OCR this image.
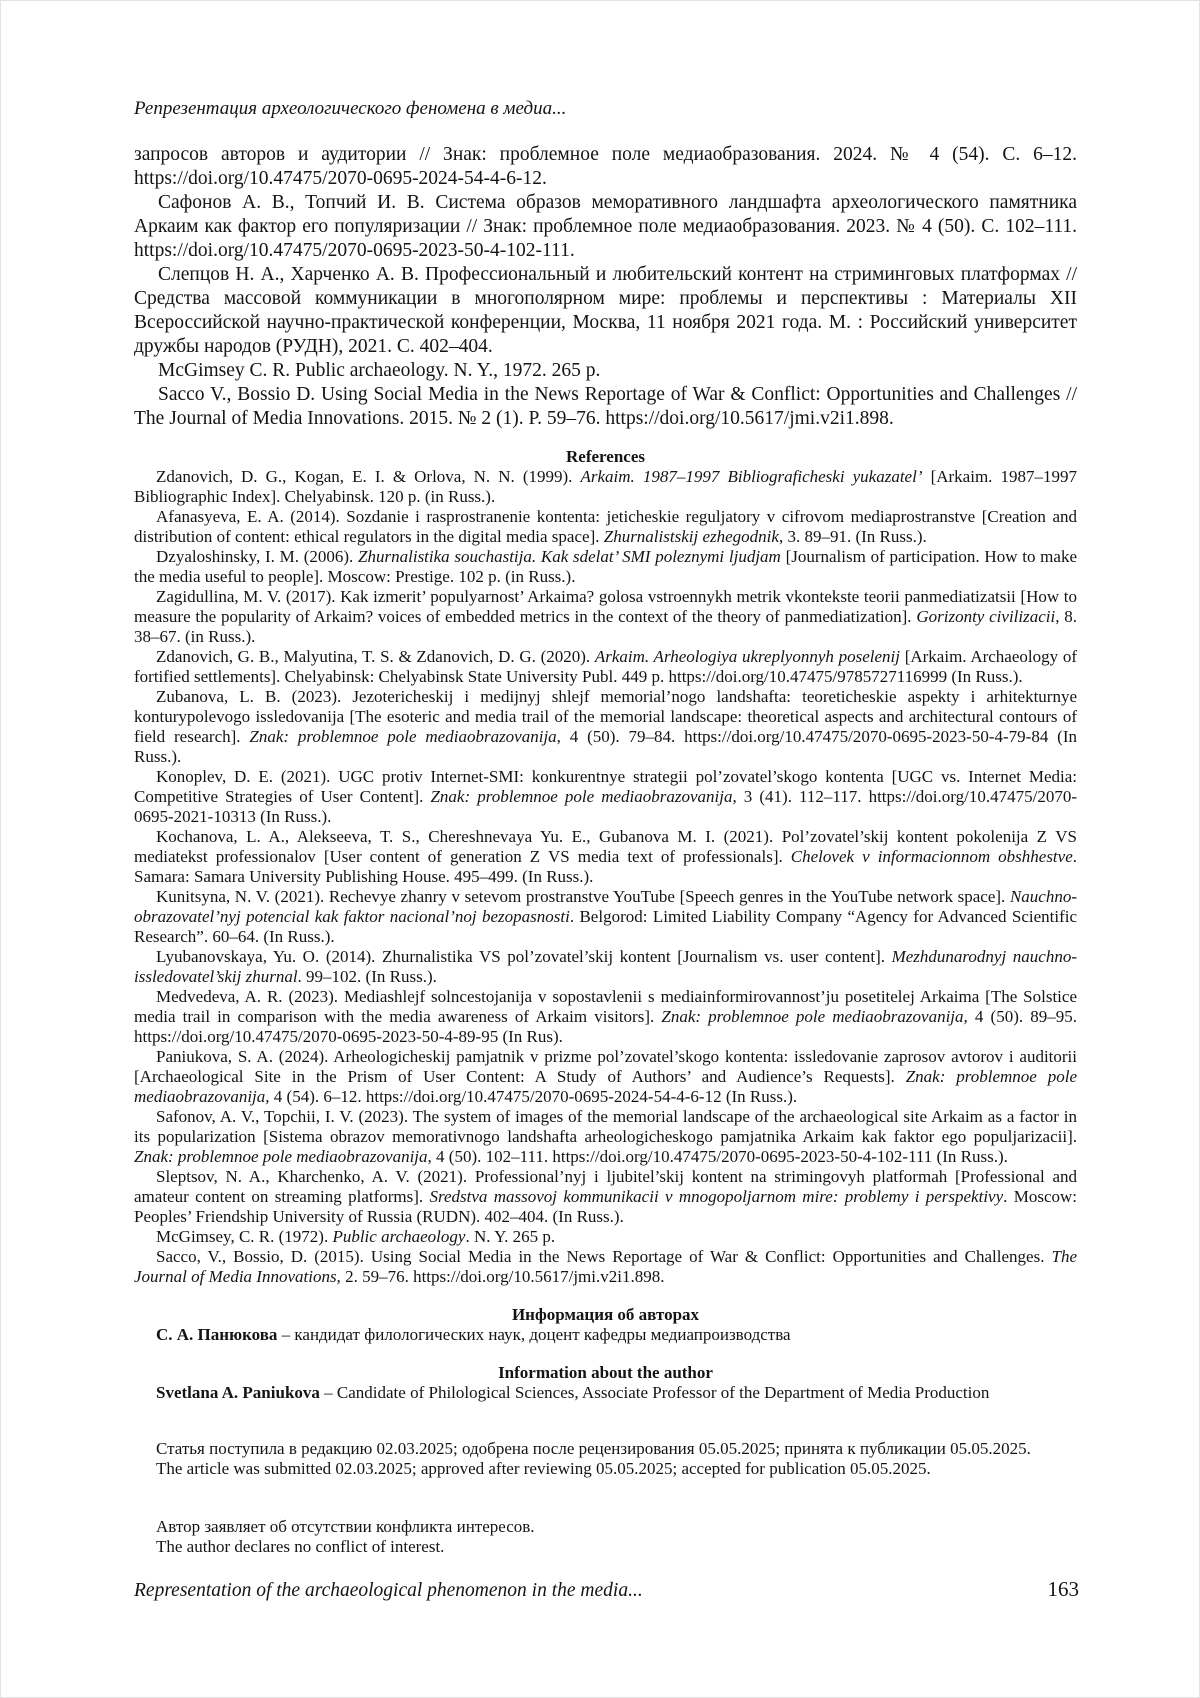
Репрезентация археологического феномена в медиа...

запросов авторов и аудитории // Знак: проблемное поле медиаобразования. 2024. № 4 (54). С. 6–12. https://doi.org/10.47475/2070-0695-2024-54-4-6-12.

Сафонов А. В., Топчий И. В. Система образов меморативного ландшафта археологического памятника Аркаим как фактор его популяризации // Знак: проблемное поле медиаобразования. 2023. № 4 (50). С. 102–111. https://doi.org/10.47475/2070-0695-2023-50-4-102-111.

Слепцов Н. А., Харченко А. В. Профессиональный и любительский контент на стриминговых платформах // Средства массовой коммуникации в многополярном мире: проблемы и перспективы : Материалы XII Всероссийской научно-практической конференции, Москва, 11 ноября 2021 года. М. : Российский университет дружбы народов (РУДН), 2021. С. 402–404.

McGimsey C. R. Public archaeology. N. Y., 1972. 265 p.

Sacco V., Bossio D. Using Social Media in the News Reportage of War & Conflict: Opportunities and Challenges // The Journal of Media Innovations. 2015. № 2 (1). P. 59–76. https://doi.org/10.5617/jmi.v2i1.898.

References

Zdanovich, D. G., Kogan, E. I. & Orlova, N. N. (1999). Arkaim. 1987–1997 Bibliograficheski yukazatel’ [Arkaim. 1987–1997 Bibliographic Index]. Chelyabinsk. 120 p. (in Russ.).

Afanasyeva, E. A. (2014). Sozdanie i rasprostranenie kontenta: jeticheskie reguljatory v cifrovom mediaprostranstve [Creation and distribution of content: ethical regulators in the digital media space]. Zhurnalistskij ezhegodnik, 3. 89–91. (In Russ.).

Dzyaloshinsky, I. M. (2006). Zhurnalistika souchastija. Kak sdelat’ SMI poleznymi ljudjam [Journalism of participation. How to make the media useful to people]. Moscow: Prestige. 102 p. (in Russ.).

Zagidullina, M. V. (2017). Kak izmerit’ populyarnost’ Arkaima? golosa vstroennykh metrik vkontekste teorii panmediatizatsii [How to measure the popularity of Arkaim? voices of embedded metrics in the context of the theory of panmediatization]. Gorizonty civilizacii, 8. 38–67. (in Russ.).

Zdanovich, G. B., Malyutina, T. S. & Zdanovich, D. G. (2020). Arkaim. Arheologiya ukreplyonnyh poselenij [Arkaim. Archaeology of fortified settlements]. Chelyabinsk: Chelyabinsk State University Publ. 449 p. https://doi.org/10.47475/9785727116999 (In Russ.).

Zubanova, L. B. (2023). Jezotericheskij i medijnyj shlejf memorial’nogo landshafta: teoreticheskie aspekty i arhitekturnye konturypolevogo issledovanija [The esoteric and media trail of the memorial landscape: theoretical aspects and architectural contours of field research]. Znak: problemnoe pole mediaobrazovanija, 4 (50). 79–84. https://doi.org/10.47475/2070-0695-2023-50-4-79-84 (In Russ.).

Konoplev, D. E. (2021). UGC protiv Internet-SMI: konkurentnye strategii pol’zovatel’skogo kontenta [UGC vs. Internet Media: Competitive Strategies of User Content]. Znak: problemnoe pole mediaobrazovanija, 3 (41). 112–117. https://doi.org/10.47475/2070-0695-2021-10313 (In Russ.).

Kochanova, L. A., Alekseeva, T. S., Chereshnevaya Yu. E., Gubanova M. I. (2021). Pol’zovatel’skij kontent pokolenija Z VS mediatekst professionalov [User content of generation Z VS media text of professionals]. Chelovek v informacionnom obshhestve. Samara: Samara University Publishing House. 495–499. (In Russ.).

Kunitsyna, N. V. (2021). Rechevye zhanry v setevom prostranstve YouTube [Speech genres in the YouTube network space]. Nauchno-obrazovatel’nyj potencial kak faktor nacional’noj bezopasnosti. Belgorod: Limited Liability Company “Agency for Advanced Scientific Research”. 60–64. (In Russ.).

Lyubanovskaya, Yu. O. (2014). Zhurnalistika VS pol’zovatel’skij kontent [Journalism vs. user content]. Mezhdunarodnyj nauchno-issledovatel’skij zhurnal. 99–102. (In Russ.).

Medvedeva, A. R. (2023). Mediashlejf solncestojanija v sopostavlenii s mediainformirovannost’ju posetitelej Arkaima [The Solstice media trail in comparison with the media awareness of Arkaim visitors]. Znak: problemnoe pole mediaobrazovanija, 4 (50). 89–95. https://doi.org/10.47475/2070-0695-2023-50-4-89-95 (In Rus).

Paniukova, S. A. (2024). Arheologicheskij pamjatnik v prizme pol’zovatel’skogo kontenta: issledovanie zaprosov avtorov i auditorii [Archaeological Site in the Prism of User Content: A Study of Authors’ and Audience’s Requests]. Znak: problemnoe pole mediaobrazovanija, 4 (54). 6–12. https://doi.org/10.47475/2070-0695-2024-54-4-6-12 (In Russ.).

Safonov, A. V., Topchii, I. V. (2023). The system of images of the memorial landscape of the archaeological site Arkaim as a factor in its popularization [Sistema obrazov memorativnogo landshafta arheologicheskogo pamjatnika Arkaim kak faktor ego populjarizacii]. Znak: problemnoe pole mediaobrazovanija, 4 (50). 102–111. https://doi.org/10.47475/2070-0695-2023-50-4-102-111 (In Russ.).

Sleptsov, N. A., Kharchenko, A. V. (2021). Professional’nyj i ljubitel’skij kontent na strimingovyh platformah [Professional and amateur content on streaming platforms]. Sredstva massovoj kommunikacii v mnogopoljarnom mire: problemy i perspektivy. Moscow: Peoples’ Friendship University of Russia (RUDN). 402–404. (In Russ.).

McGimsey, C. R. (1972). Public archaeology. N. Y. 265 p.

Sacco, V., Bossio, D. (2015). Using Social Media in the News Reportage of War & Conflict: Opportunities and Challenges. The Journal of Media Innovations, 2. 59–76. https://doi.org/10.5617/jmi.v2i1.898.

Информация об авторах

С. А. Панюкова – кандидат филологических наук, доцент кафедры медиапроизводства

Information about the author

Svetlana A. Paniukova – Candidate of Philological Sciences, Associate Professor of the Department of Media Production

Статья поступила в редакцию 02.03.2025; одобрена после рецензирования 05.05.2025; принята к публикации 05.05.2025.

The article was submitted 02.03.2025; approved after reviewing 05.05.2025; accepted for publication 05.05.2025.

Автор заявляет об отсутствии конфликта интересов.

The author declares no conflict of interest.

Representation of the archaeological phenomenon in the media...	163
